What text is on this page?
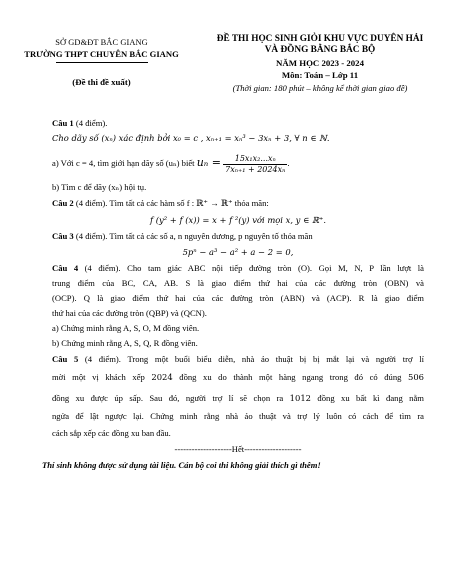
SỞ GD&ĐT BẮC GIANG
TRƯỜNG THPT CHUYÊN BẮC GIANG
(Đề thi đề xuất)
ĐỀ THI HỌC SINH GIỎI KHU VỰC DUYÊN HẢI
VÀ ĐỒNG BẰNG BẮC BỘ
NĂM HỌC 2023 - 2024
Môn: Toán – Lớp 11
(Thời gian: 180 phút – không kể thời gian giao đề)
Câu 1 (4 điểm).
Cho dãy số (xₙ) xác định bởi x₀ = c , xₙ₊₁ = xₙ³ − 3xₙ + 3, ∀ n ∈ ℕ.
a) Với c = 4, tìm giới hạn dãy số (uₙ) biết $u_n = \frac{\text{15x₁x₂...xₙ}}{\text{7xₙ₊₁ + 2024xₙ}}$ .
b) Tìm c để dãy (xₙ) hội tụ.
Câu 2 (4 điểm). Tìm tất cả các hàm số f : ℝ⁺ → ℝ⁺ thỏa mãn:
f (y² + f (x)) = x + f ²(y) với mọi x, y ∈ ℝ⁺.
Câu 3 (4 điểm). Tìm tất cả các số a, n nguyên dương, p nguyên tố thỏa mãn
5pⁿ − a³ − a² + a − 2 = 0,
Câu 4 (4 điểm). Cho tam giác ABC nội tiếp đường tròn (O). Gọi M, N, P lần lượt là
trung điểm của BC, CA, AB. S là giao điểm thứ hai của các đường tròn (OBN) và
(OCP). Q là giao điểm thứ hai của các đường tròn (ABN) và (ACP). R là giao điểm
thứ hai của các đường tròn (QBP) và (QCN).
a) Chứng minh rằng A, S, O, M đồng viên.
b) Chứng minh rằng A, S, Q, R đồng viên.
Câu 5 (4 điểm). Trong một buổi biểu diễn, nhà ảo thuật bị bị mắt lại và người trợ lí
mời một vị khách xếp 2024 đồng xu do thành một hàng ngang trong đó có đúng 506
đồng xu được úp sấp. Sau đó, người trợ lí sẽ chọn ra 1012 đồng xu bất kì đang nằm
ngửa để lật ngược lại. Chứng minh rằng nhà ảo thuật và trợ lý luôn có cách để tìm ra
cách sắp xếp các đồng xu ban đầu.
--------------------Hết--------------------
Thí sinh không được sử dụng tài liệu. Cán bộ coi thi không giải thích gì thêm!
